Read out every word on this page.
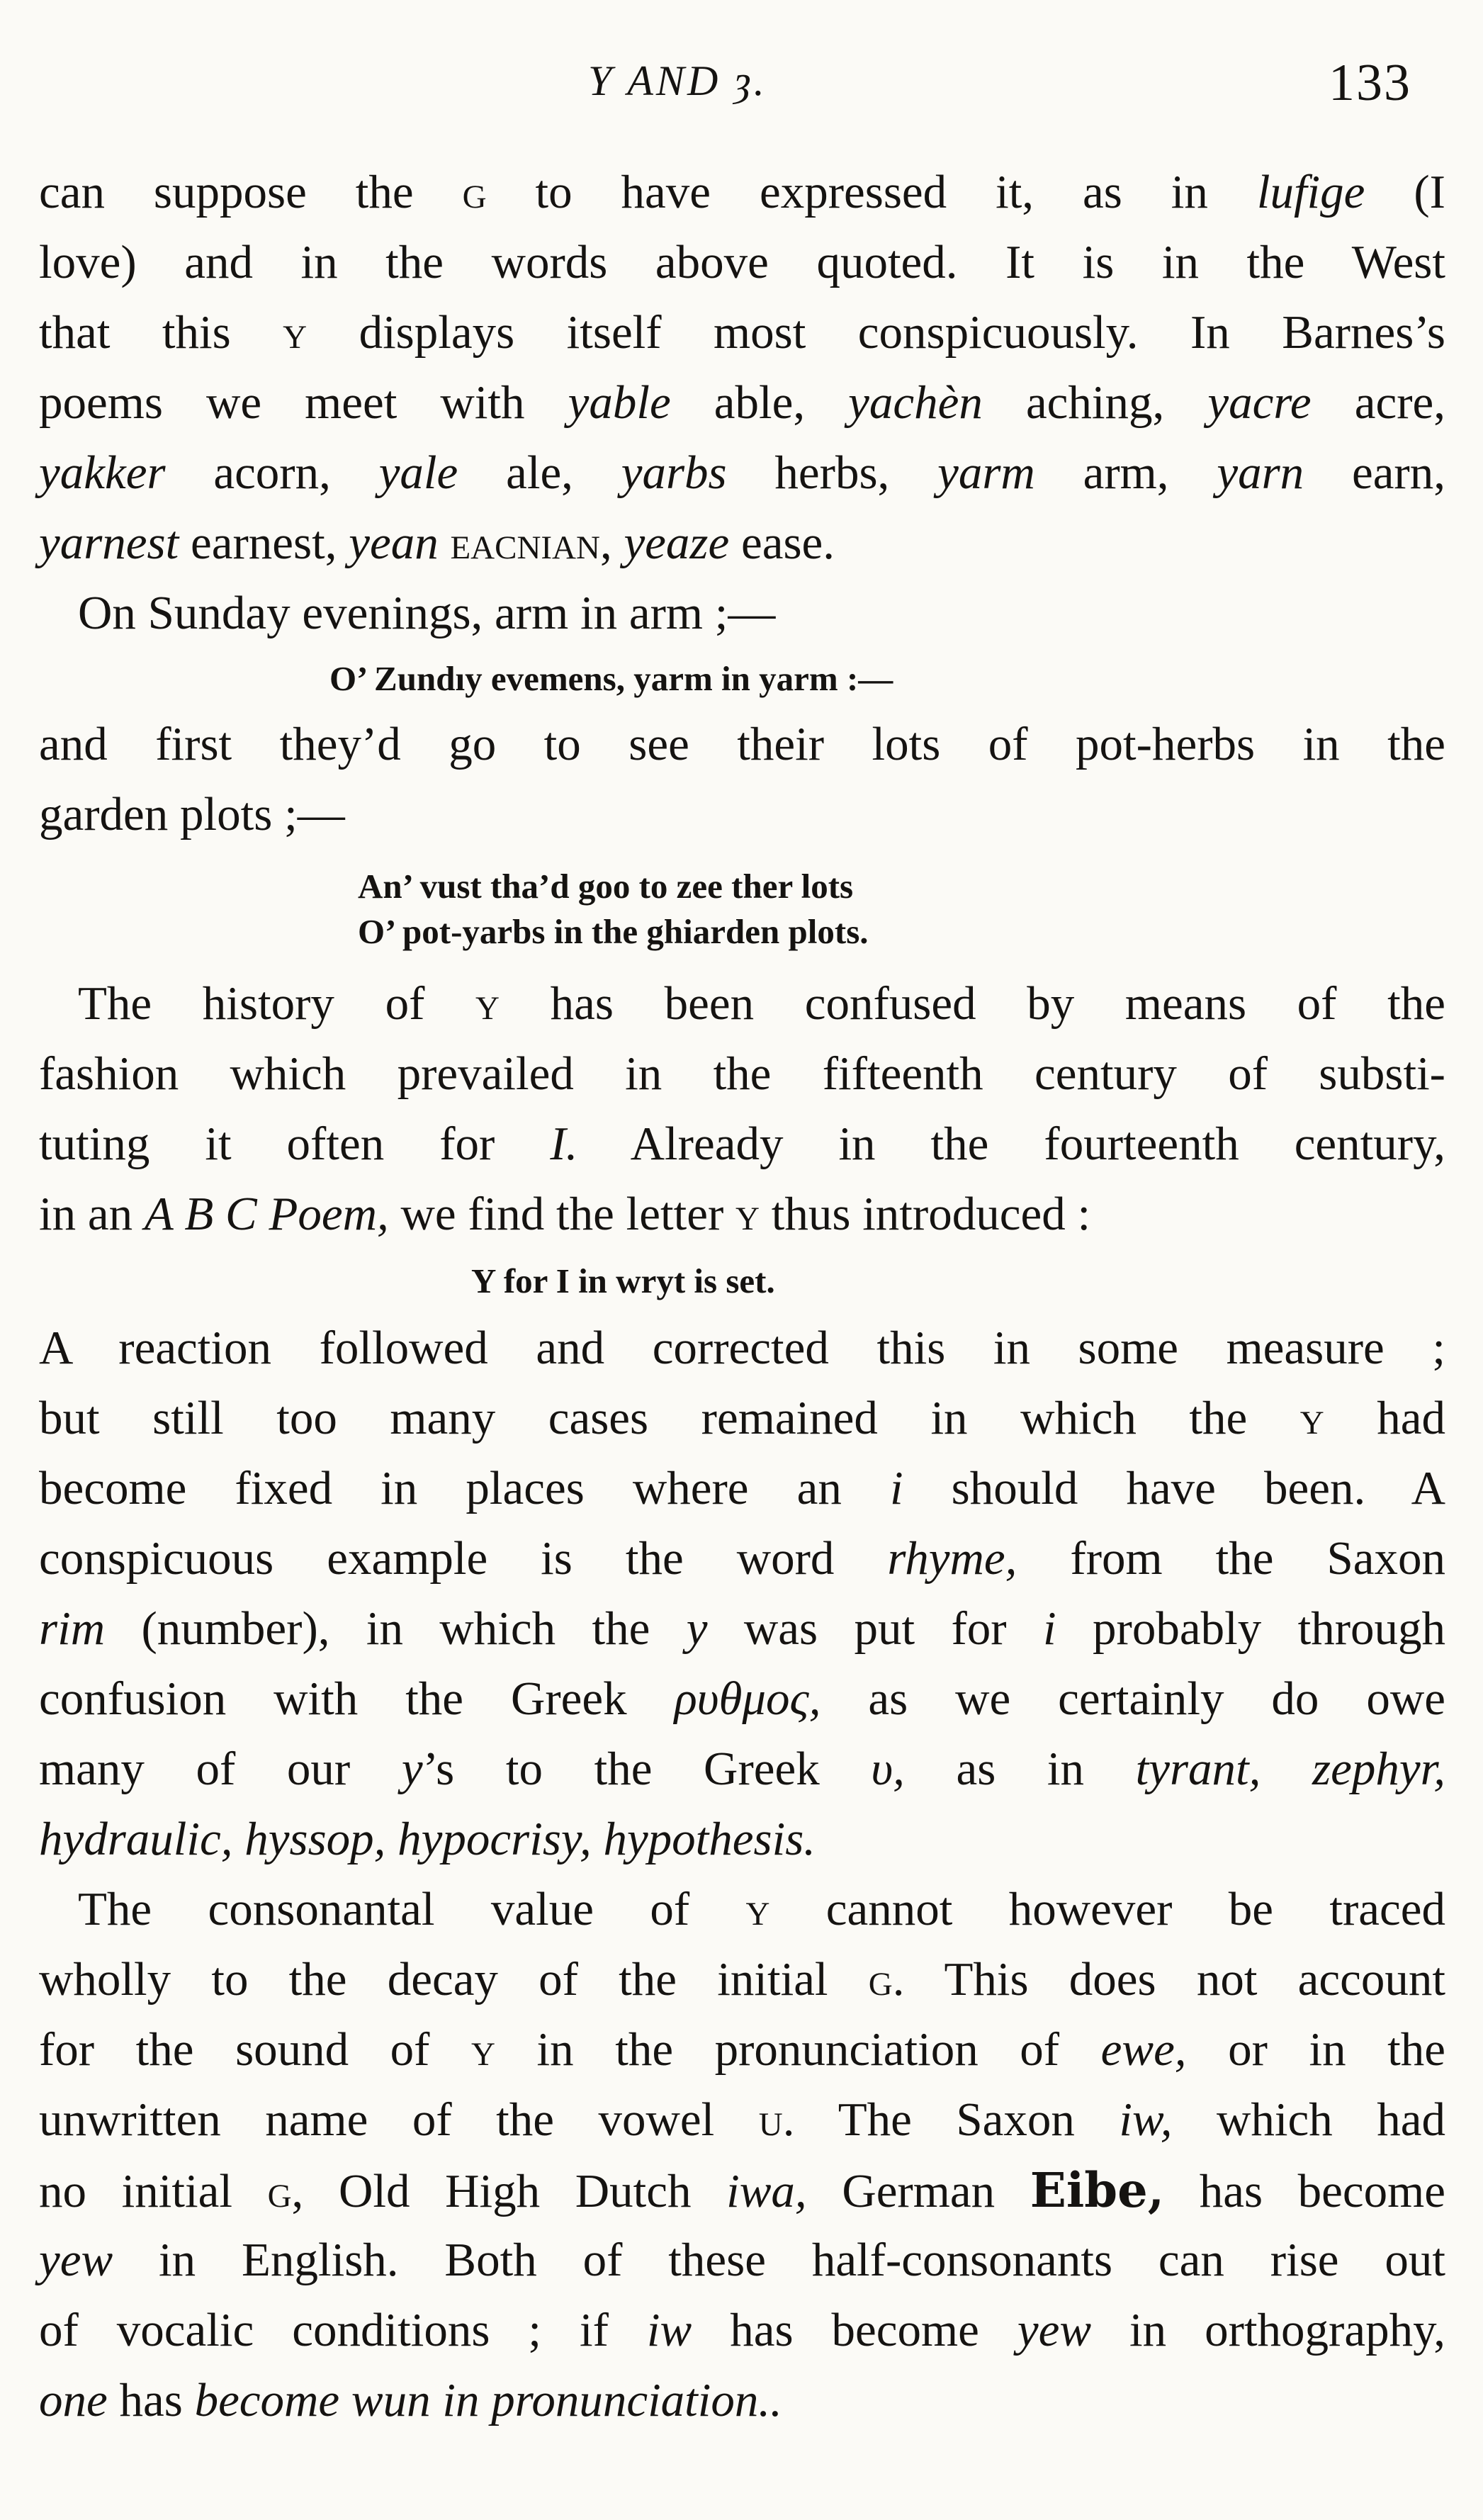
Y AND ȝ.	133
can suppose the g to have expressed it, as in lufige (I
love) and in the words above quoted. It is in the West
that this y displays itself most conspicuously. In Barnes’s
poems we meet with yable able, yachèn aching, yacre acre,
yakker acorn, yale ale, yarbs herbs, yarm arm, yarn earn,
yarnest earnest, yean eacnian, yeaze ease.
On Sunday evenings, arm in arm ;—
O’ Zundıy evemens, yarm in yarm :—
and first they’d go to see their lots of pot-herbs in the
garden plots ;—
An’ vust tha’d goo to zee ther lots
O’ pot-yarbs in the ghiarden plots.
The history of y has been confused by means of the
fashion which prevailed in the fifteenth century of substi-
tuting it often for I. Already in the fourteenth century,
in an A B C Poem, we find the letter y thus introduced :
Y for I in wryt is set.
A reaction followed and corrected this in some measure ;
but still too many cases remained in which the y had
become fixed in places where an i should have been. A
conspicuous example is the word rhyme, from the Saxon
rim (number), in which the y was put for i probably through
confusion with the Greek ρυθμος, as we certainly do owe
many of our y’s to the Greek υ, as in tyrant, zephyr,
hydraulic, hyssop, hypocrisy, hypothesis.
The consonantal value of y cannot however be traced
wholly to the decay of the initial g. This does not account
for the sound of y in the pronunciation of ewe, or in the
unwritten name of the vowel u. The Saxon iw, which had
no initial g, Old High Dutch iwa, German Eibe, has become
yew in English. Both of these half-consonants can rise out
of vocalic conditions ; if iw has become yew in orthography,
one has become wun in pronunciation..
